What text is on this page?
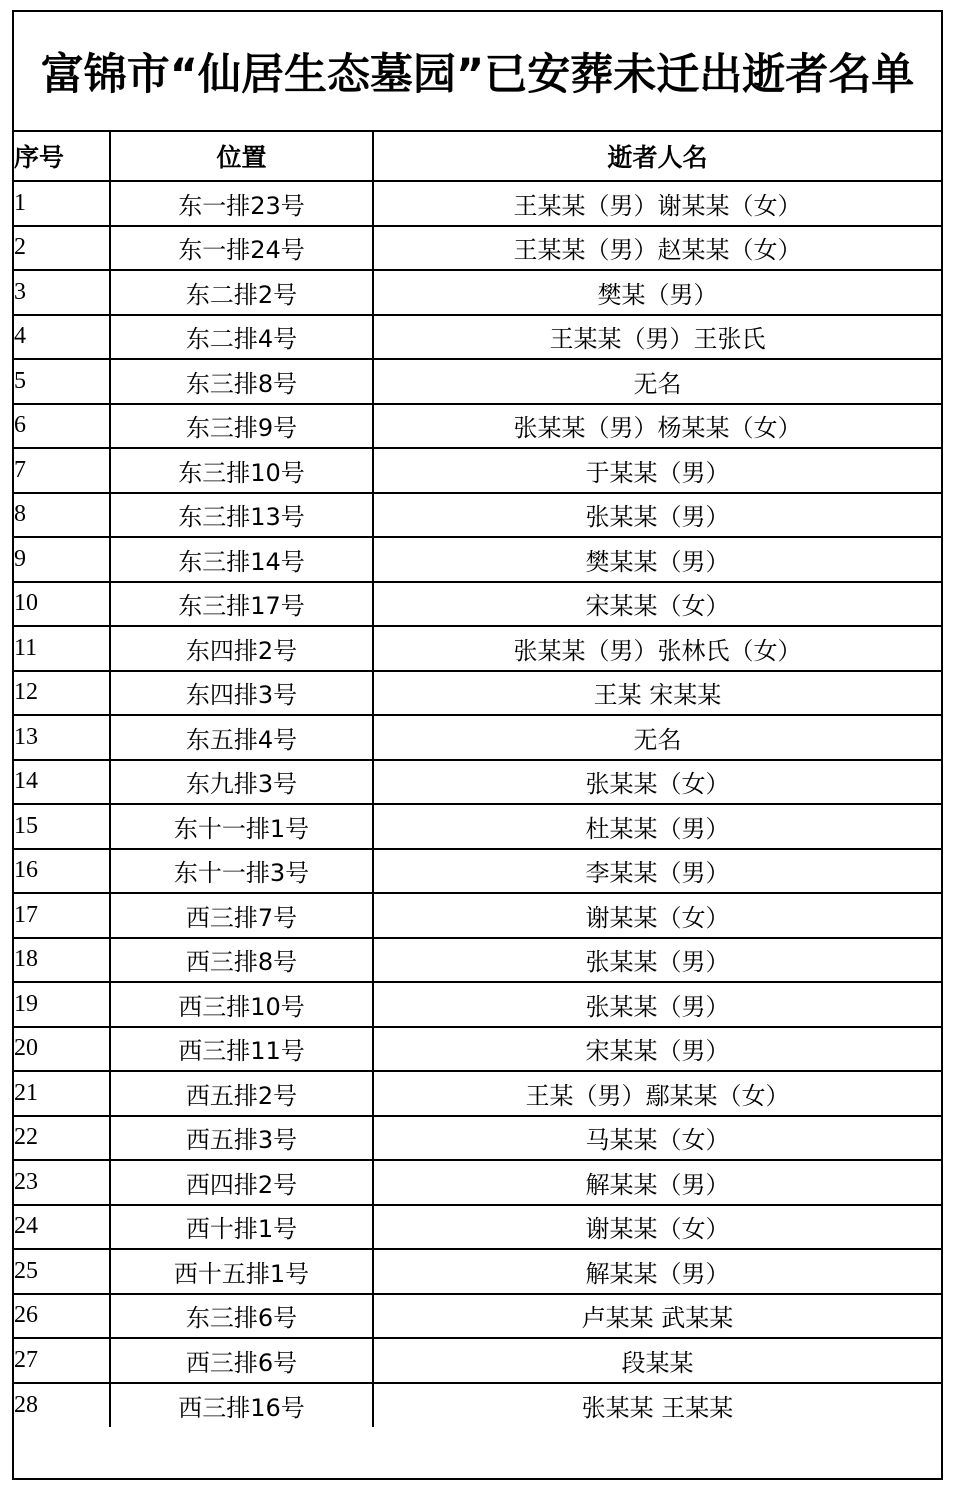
富锦市“仙居生态墓园”已安葬未迁出逝者名单
序号	位置	逝者人名
1	东一排23号	王某某（男）谢某某（女）
2	东一排24号	王某某（男）赵某某（女）
3	东二排2号	樊某（男）
4	东二排4号	王某某（男）王张氏
5	东三排8号	无名
6	东三排9号	张某某（男）杨某某（女）
7	东三排10号	于某某（男）
8	东三排13号	张某某（男）
9	东三排14号	樊某某（男）
10	东三排17号	宋某某（女）
11	东四排2号	张某某（男）张林氏（女）
12	东四排3号	王某 宋某某
13	东五排4号	无名
14	东九排3号	张某某（女）
15	东十一排1号	杜某某（男）
16	东十一排3号	李某某（男）
17	西三排7号	谢某某（女）
18	西三排8号	张某某（男）
19	西三排10号	张某某（男）
20	西三排11号	宋某某（男）
21	西五排2号	王某（男）鄢某某（女）
22	西五排3号	马某某（女）
23	西四排2号	解某某（男）
24	西十排1号	谢某某（女）
25	西十五排1号	解某某（男）
26	东三排6号	卢某某 武某某
27	西三排6号	段某某
28	西三排16号	张某某 王某某
